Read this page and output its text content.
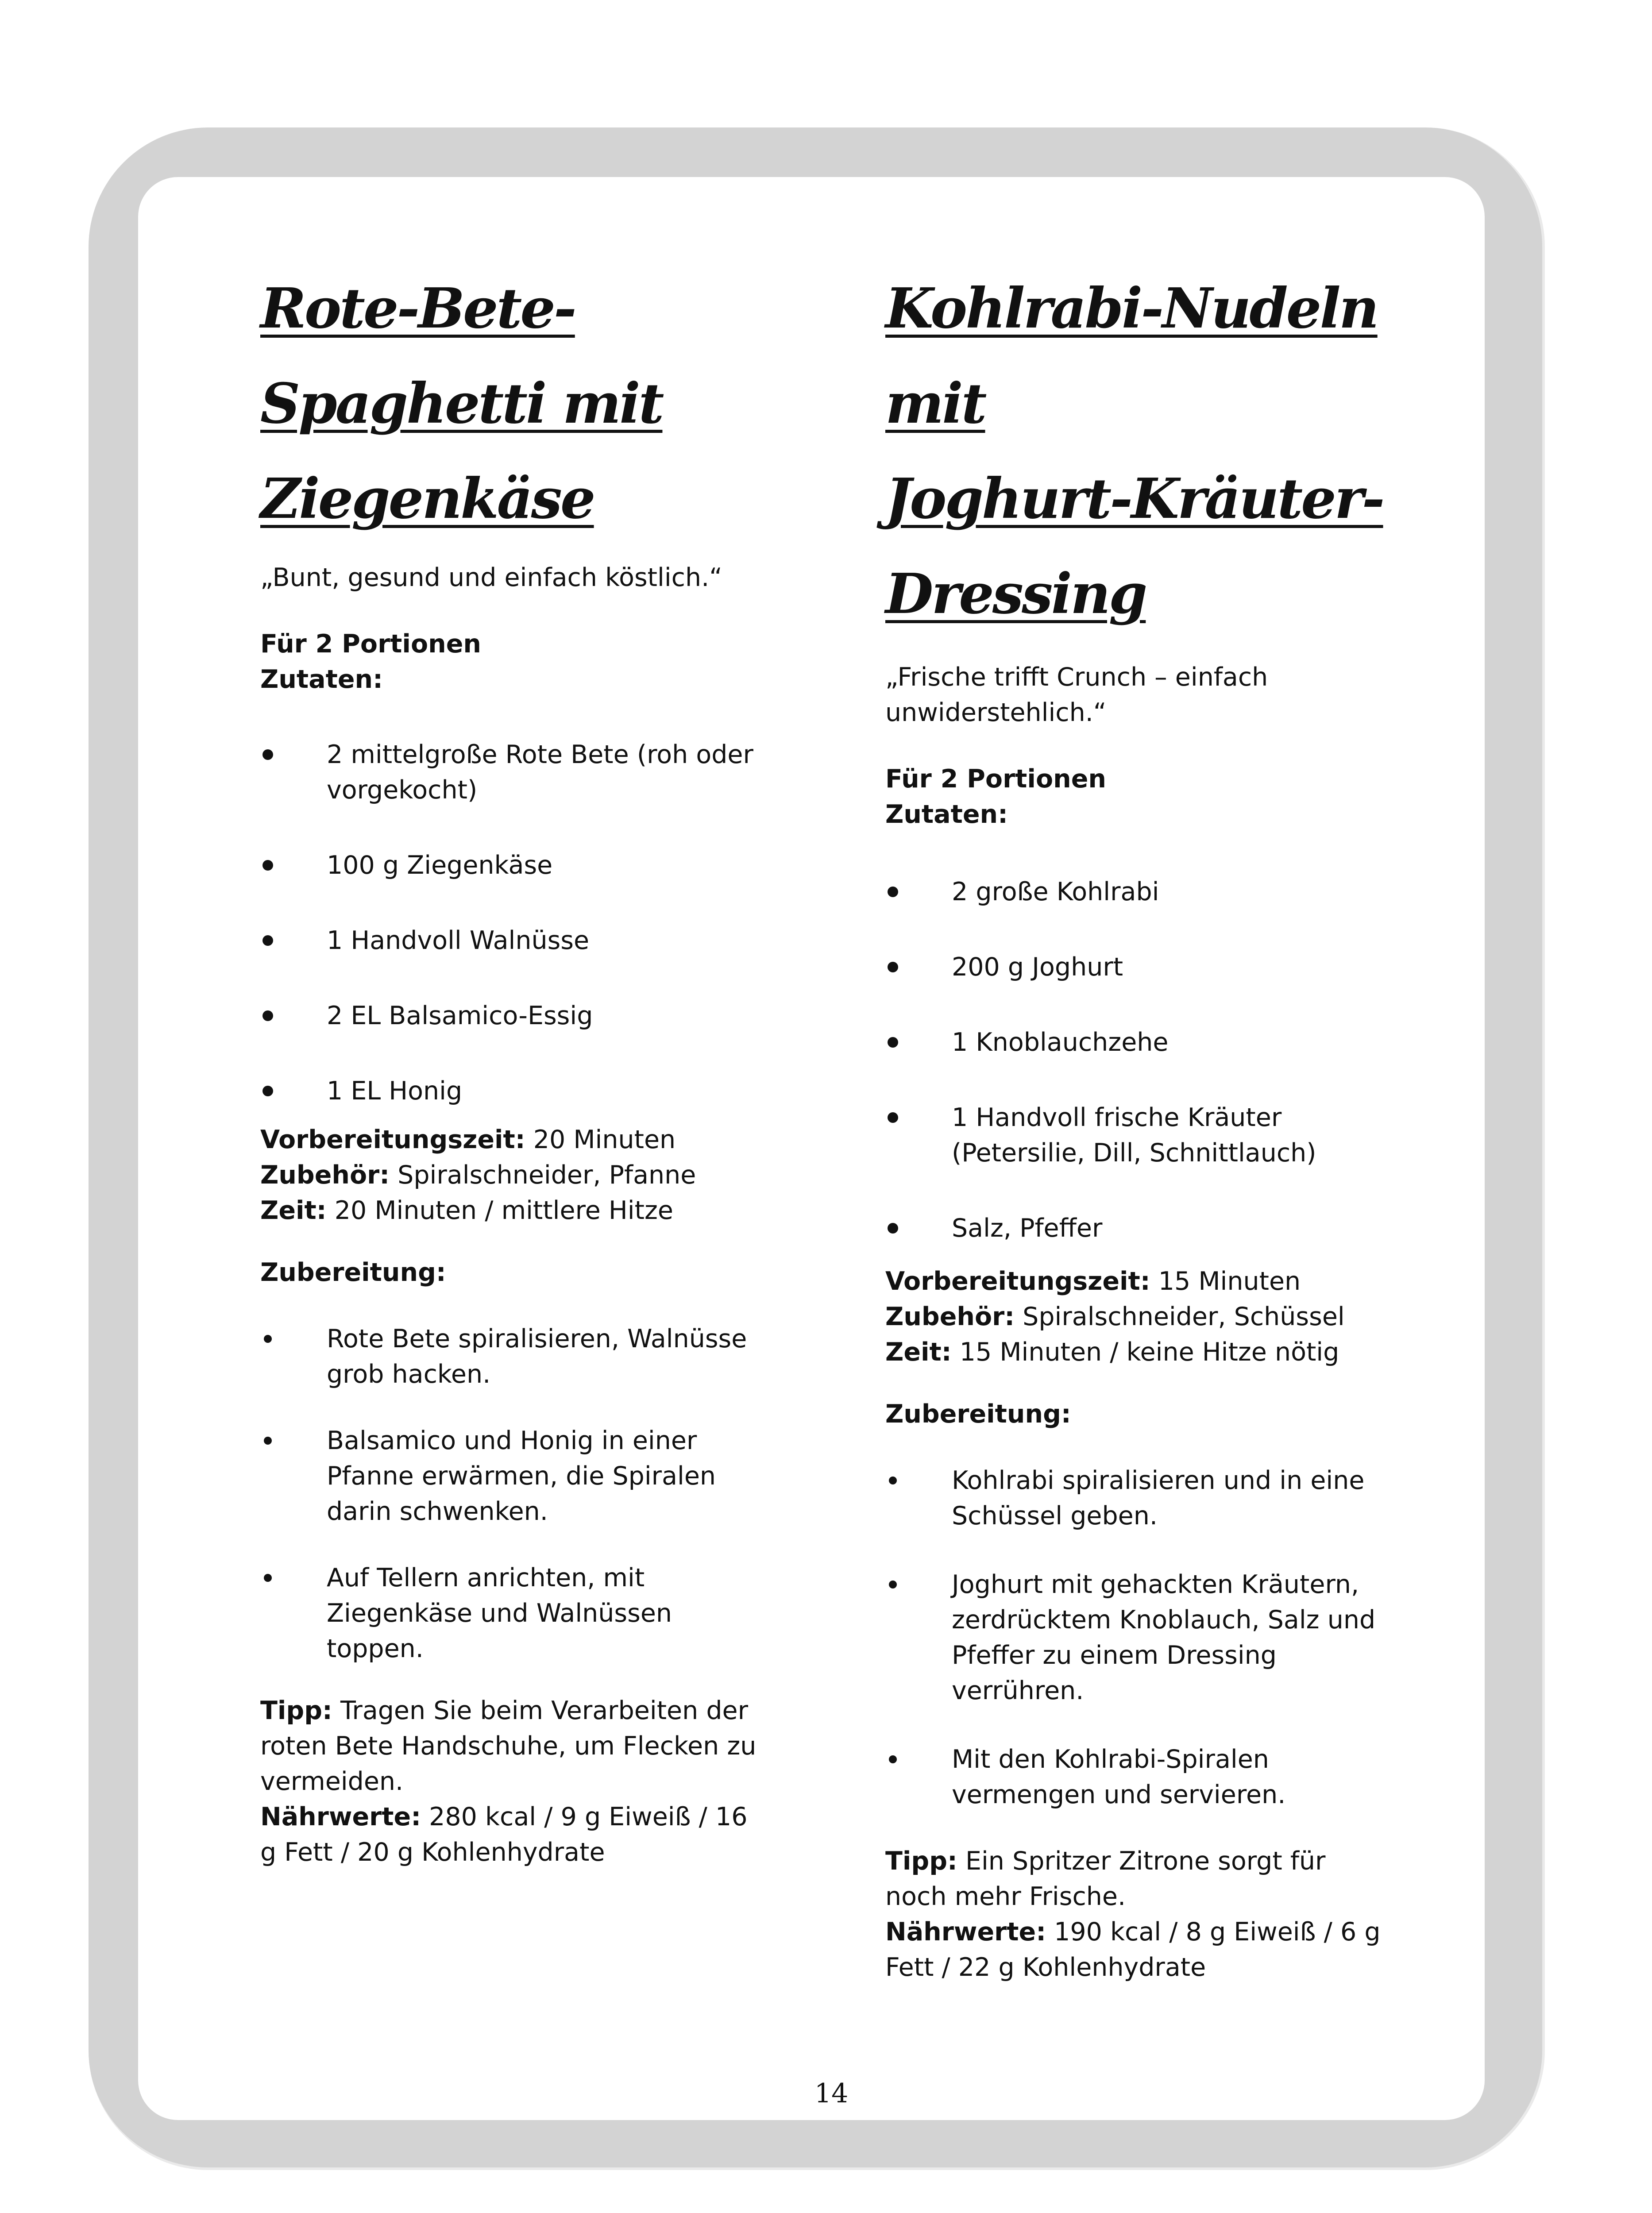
Rote-Bete-Spaghetti mit
Ziegenkäse

„Bunt, gesund und einfach köstlich.“

Für 2 Portionen

Zutaten:

2 mittelgroße Rote Bete (roh oder vorgekocht)
100 g Ziegenkäse
1 Handvoll Walnüsse
2 EL Balsamico-Essig
1 EL Honig

Vorbereitungszeit: 20 Minuten

Zubehör: Spiralschneider, Pfanne

Zeit: 20 Minuten / mittlere Hitze

Zubereitung:

Rote Bete spiralisieren, Walnüsse grob hacken.
Balsamico und Honig in einer Pfanne erwärmen, die Spiralen darin schwenken.
Auf Tellern anrichten, mit Ziegenkäse und Walnüssen toppen.

Tipp: Tragen Sie beim Verarbeiten der roten Bete Handschuhe, um Flecken zu vermeiden.

Nährwerte: 280 kcal / 9 g Eiweiß / 16 g Fett / 20 g Kohlenhydrate

Kohlrabi-Nudeln mit
Joghurt-Kräuter-
Dressing

„Frische trifft Crunch – einfach unwiderstehlich.“

Für 2 Portionen

Zutaten:

2 große Kohlrabi
200 g Joghurt
1 Knoblauchzehe
1 Handvoll frische Kräuter (Petersilie, Dill, Schnittlauch)
Salz, Pfeffer

Vorbereitungszeit: 15 Minuten

Zubehör: Spiralschneider, Schüssel

Zeit: 15 Minuten / keine Hitze nötig

Zubereitung:

Kohlrabi spiralisieren und in eine Schüssel geben.
Joghurt mit gehackten Kräutern, zerdrücktem Knoblauch, Salz und Pfeffer zu einem Dressing verrühren.
Mit den Kohlrabi-Spiralen vermengen und servieren.

Tipp: Ein Spritzer Zitrone sorgt für noch mehr Frische.

Nährwerte: 190 kcal / 8 g Eiweiß / 6 g Fett / 22 g Kohlenhydrate

14
